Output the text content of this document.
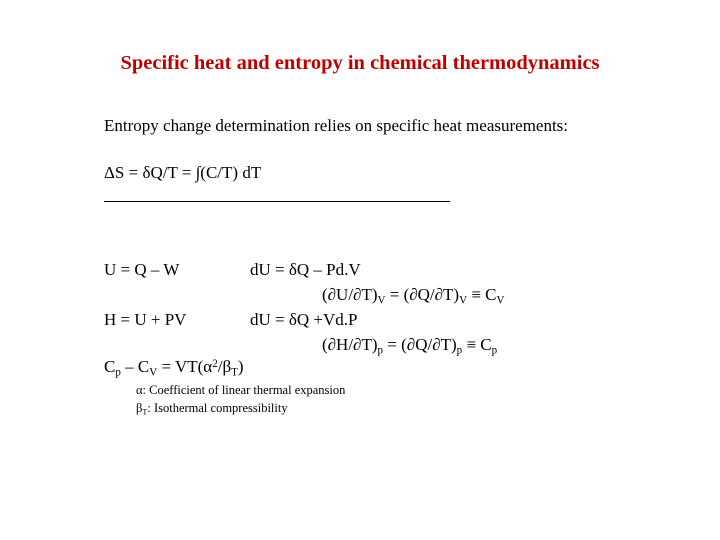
Specific heat and entropy in chemical thermodynamics
Entropy change determination relies on specific heat measurements:
ΔS = δQ/T = ∫(C/T) dT
U = Q – W	dU = δQ – Pd.V
$(\partial U/\partial T)_V = (\partial Q/\partial T)_V \equiv C_V$
H = U + PV	dU = δQ +Vd.P
$(\partial H/\partial T)_p = (\partial Q/\partial T)_p \equiv C_p$
$C_p - C_V = VT(\alpha^2/\beta_T)$
α: Coefficient of linear thermal expansion
$\beta_T$: Isothermal compressibility
